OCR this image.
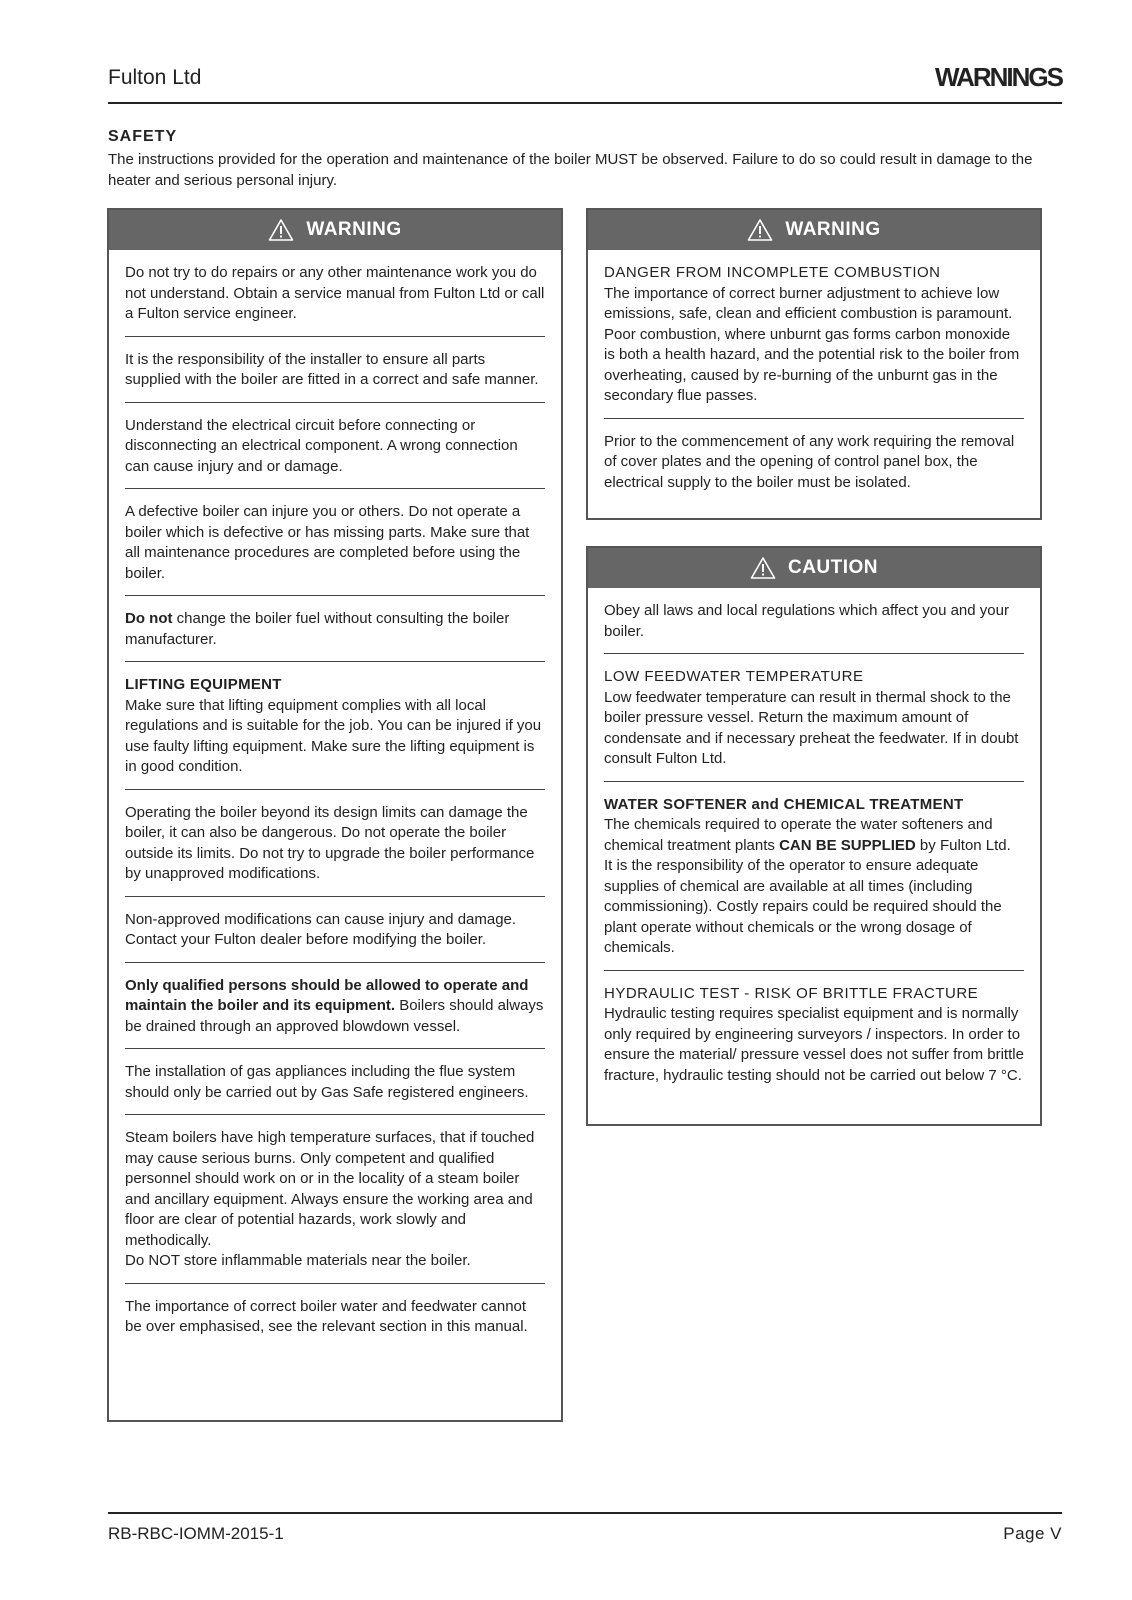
Fulton Ltd	WARNINGS

SAFETY

The instructions provided for the operation and maintenance of the boiler MUST be observed. Failure to do so could result in damage to the heater and serious personal injury.

WARNING

Do not try to do repairs or any other maintenance work you do not understand. Obtain a service manual from Fulton Ltd or call a Fulton service engineer.

It is the responsibility of the installer to ensure all parts supplied with the boiler are fitted in a correct and safe manner.

Understand the electrical circuit before connecting or disconnecting an electrical component. A wrong connection can cause injury and or damage.

A defective boiler can injure you or others. Do not operate a boiler which is defective or has missing parts. Make sure that all maintenance procedures are completed before using the boiler.

Do not change the boiler fuel without consulting the boiler manufacturer.

LIFTING EQUIPMENT

Make sure that lifting equipment complies with all local regulations and is suitable for the job. You can be injured if you use faulty lifting equipment. Make sure the lifting equipment is in good condition.

Operating the boiler beyond its design limits can damage the boiler, it can also be dangerous. Do not operate the boiler outside its limits. Do not try to upgrade the boiler performance by unapproved modifications.

Non-approved modifications can cause injury and damage. Contact your Fulton dealer before modifying the boiler.

Only qualified persons should be allowed to operate and maintain the boiler and its equipment. Boilers should always be drained through an approved blowdown vessel.

The installation of gas appliances including the flue system should only be carried out by Gas Safe registered engineers.

Steam boilers have high temperature surfaces, that if touched may cause serious burns. Only competent and qualified personnel should work on or in the locality of a steam boiler and ancillary equipment. Always ensure the working area and floor are clear of potential hazards, work slowly and methodically.

Do NOT store inflammable materials near the boiler.

The importance of correct boiler water and feedwater cannot be over emphasised, see the relevant section in this manual.

WARNING

DANGER FROM INCOMPLETE COMBUSTION

The importance of correct burner adjustment to achieve low emissions, safe, clean and efficient combustion is paramount. Poor combustion, where unburnt gas forms carbon monoxide is both a health hazard, and the potential risk to the boiler from overheating, caused by re-burning of the unburnt gas in the secondary flue passes.

Prior to the commencement of any work requiring the removal of cover plates and the opening of control panel box, the electrical supply to the boiler must be isolated.

CAUTION

Obey all laws and local regulations which affect you and your boiler.

LOW FEEDWATER TEMPERATURE

Low feedwater temperature can result in thermal shock to the boiler pressure vessel. Return the maximum amount of condensate and if necessary preheat the feedwater. If in doubt consult Fulton Ltd.

WATER SOFTENER and CHEMICAL TREATMENT

The chemicals required to operate the water softeners and chemical treatment plants CAN BE SUPPLIED by Fulton Ltd.

It is the responsibility of the operator to ensure adequate supplies of chemical are available at all times (including commissioning). Costly repairs could be required should the plant operate without chemicals or the wrong dosage of chemicals.

HYDRAULIC TEST - RISK OF BRITTLE FRACTURE

Hydraulic testing requires specialist equipment and is normally only required by engineering surveyors / inspectors. In order to ensure the material/ pressure vessel does not suffer from brittle fracture, hydraulic testing should not be carried out below 7 °C.

RB-RBC-IOMM-2015-1	Page V
